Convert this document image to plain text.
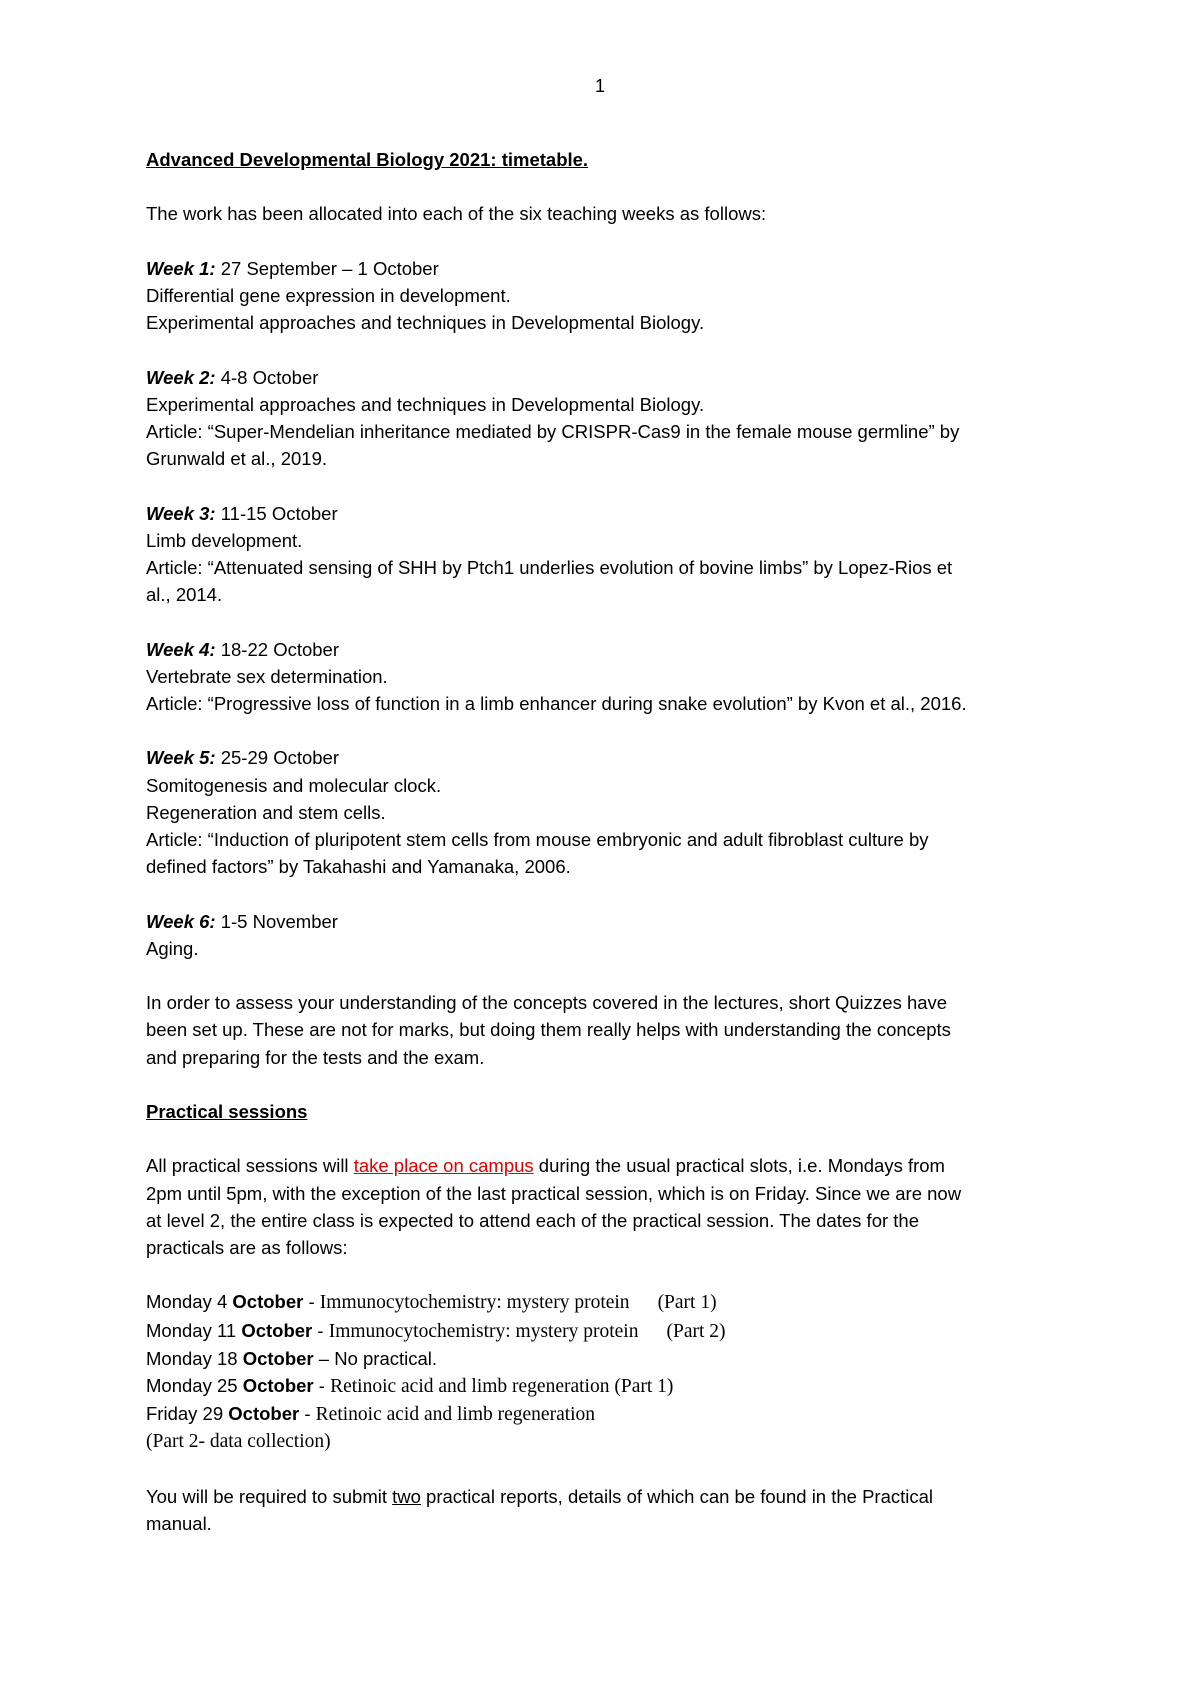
1
Advanced Developmental Biology 2021: timetable.
The work has been allocated into each of the six teaching weeks as follows:
Week 1: 27 September – 1 October
Differential gene expression in development.
Experimental approaches and techniques in Developmental Biology.
Week 2: 4-8 October
Experimental approaches and techniques in Developmental Biology.
Article: “Super-Mendelian inheritance mediated by CRISPR-Cas9 in the female mouse germline” by
Grunwald et al., 2019.
Week 3: 11-15 October
Limb development.
Article: “Attenuated sensing of SHH by Ptch1 underlies evolution of bovine limbs” by Lopez-Rios et
al., 2014.
Week 4: 18-22 October
Vertebrate sex determination.
Article: “Progressive loss of function in a limb enhancer during snake evolution” by Kvon et al., 2016.
Week 5: 25-29 October
Somitogenesis and molecular clock.
Regeneration and stem cells.
Article: “Induction of pluripotent stem cells from mouse embryonic and adult fibroblast culture by
defined factors” by Takahashi and Yamanaka, 2006.
Week 6: 1-5 November
Aging.
In order to assess your understanding of the concepts covered in the lectures, short Quizzes have
been set up. These are not for marks, but doing them really helps with understanding the concepts
and preparing for the tests and the exam.
Practical sessions
All practical sessions will take place on campus during the usual practical slots, i.e. Mondays from
2pm until 5pm, with the exception of the last practical session, which is on Friday. Since we are now
at level 2, the entire class is expected to attend each of the practical session. The dates for the
practicals are as follows:
Monday 4 October - Immunocytochemistry: mystery protein (Part 1)
Monday 11 October - Immunocytochemistry: mystery protein (Part 2)
Monday 18 October – No practical.
Monday 25 October - Retinoic acid and limb regeneration (Part 1)
Friday 29 October - Retinoic acid and limb regeneration
(Part 2- data collection)
You will be required to submit two practical reports, details of which can be found in the Practical
manual.
